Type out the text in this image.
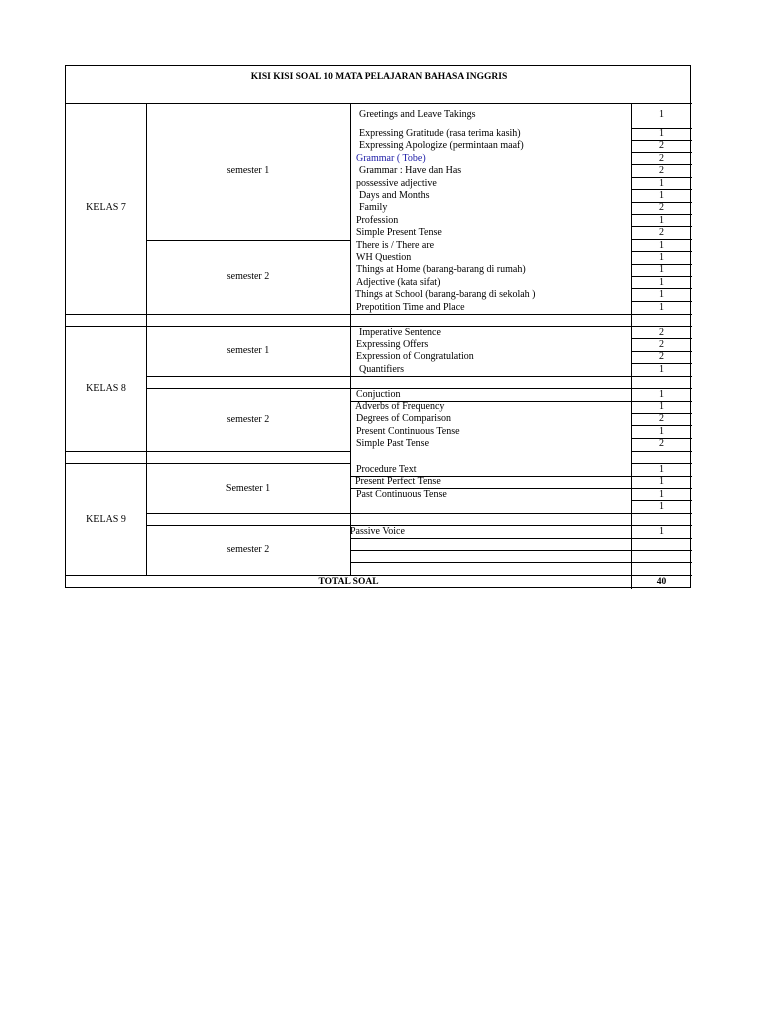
KISI KISI SOAL 10 MATA PELAJARAN BAHASA INGGRIS
KELAS 7
KELAS 8
KELAS 9
semester 1
semester 2
semester 1
semester 2
Semester 1
semester 2
Greetings and Leave Takings
Expressing Gratitude (rasa terima kasih)
Expressing Apologize (permintaan maaf)
Grammar ( Tobe)
Grammar : Have dan Has
possessive adjective
Days and Months
Family
Profession
Simple Present Tense
There is / There are
WH Question
Things at Home (barang-barang di rumah)
Adjective (kata sifat)
Things at School (barang-barang di sekolah )
Prepotition Time and Place
Imperative Sentence
Expressing Offers
Expression of Congratulation
Quantifiers
Conjuction
Adverbs of Frequency
Degrees of Comparison
Present Continuous Tense
Simple Past Tense
Procedure Text
Present Perfect Tense
Past Continuous Tense
Passive Voice
1
1
2
2
2
1
1
2
1
2
1
1
1
1
1
1
2
2
2
1
1
1
2
1
2
1
1
1
1
1
TOTAL SOAL	40
